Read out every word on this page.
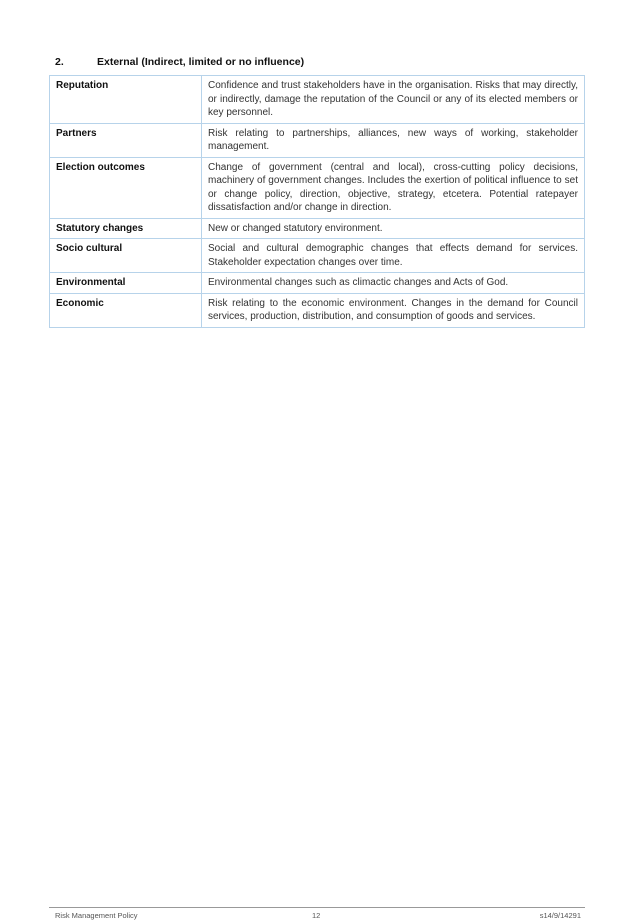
2.	External (Indirect, limited or no influence)
Reputation	Confidence and trust stakeholders have in the organisation. Risks that may directly, or indirectly, damage the reputation of the Council or any of its elected members or key personnel.
Partners	Risk relating to partnerships, alliances, new ways of working, stakeholder management.
Election outcomes	Change of government (central and local), cross-cutting policy decisions, machinery of government changes. Includes the exertion of political influence to set or change policy, direction, objective, strategy, etcetera. Potential ratepayer dissatisfaction and/or change in direction.
Statutory changes	New or changed statutory environment.
Socio cultural	Social and cultural demographic changes that effects demand for services. Stakeholder expectation changes over time.
Environmental	Environmental changes such as climactic changes and Acts of God.
Economic	Risk relating to the economic environment. Changes in the demand for Council services, production, distribution, and consumption of goods and services.
Risk Management Policy	12	s14/9/14291
